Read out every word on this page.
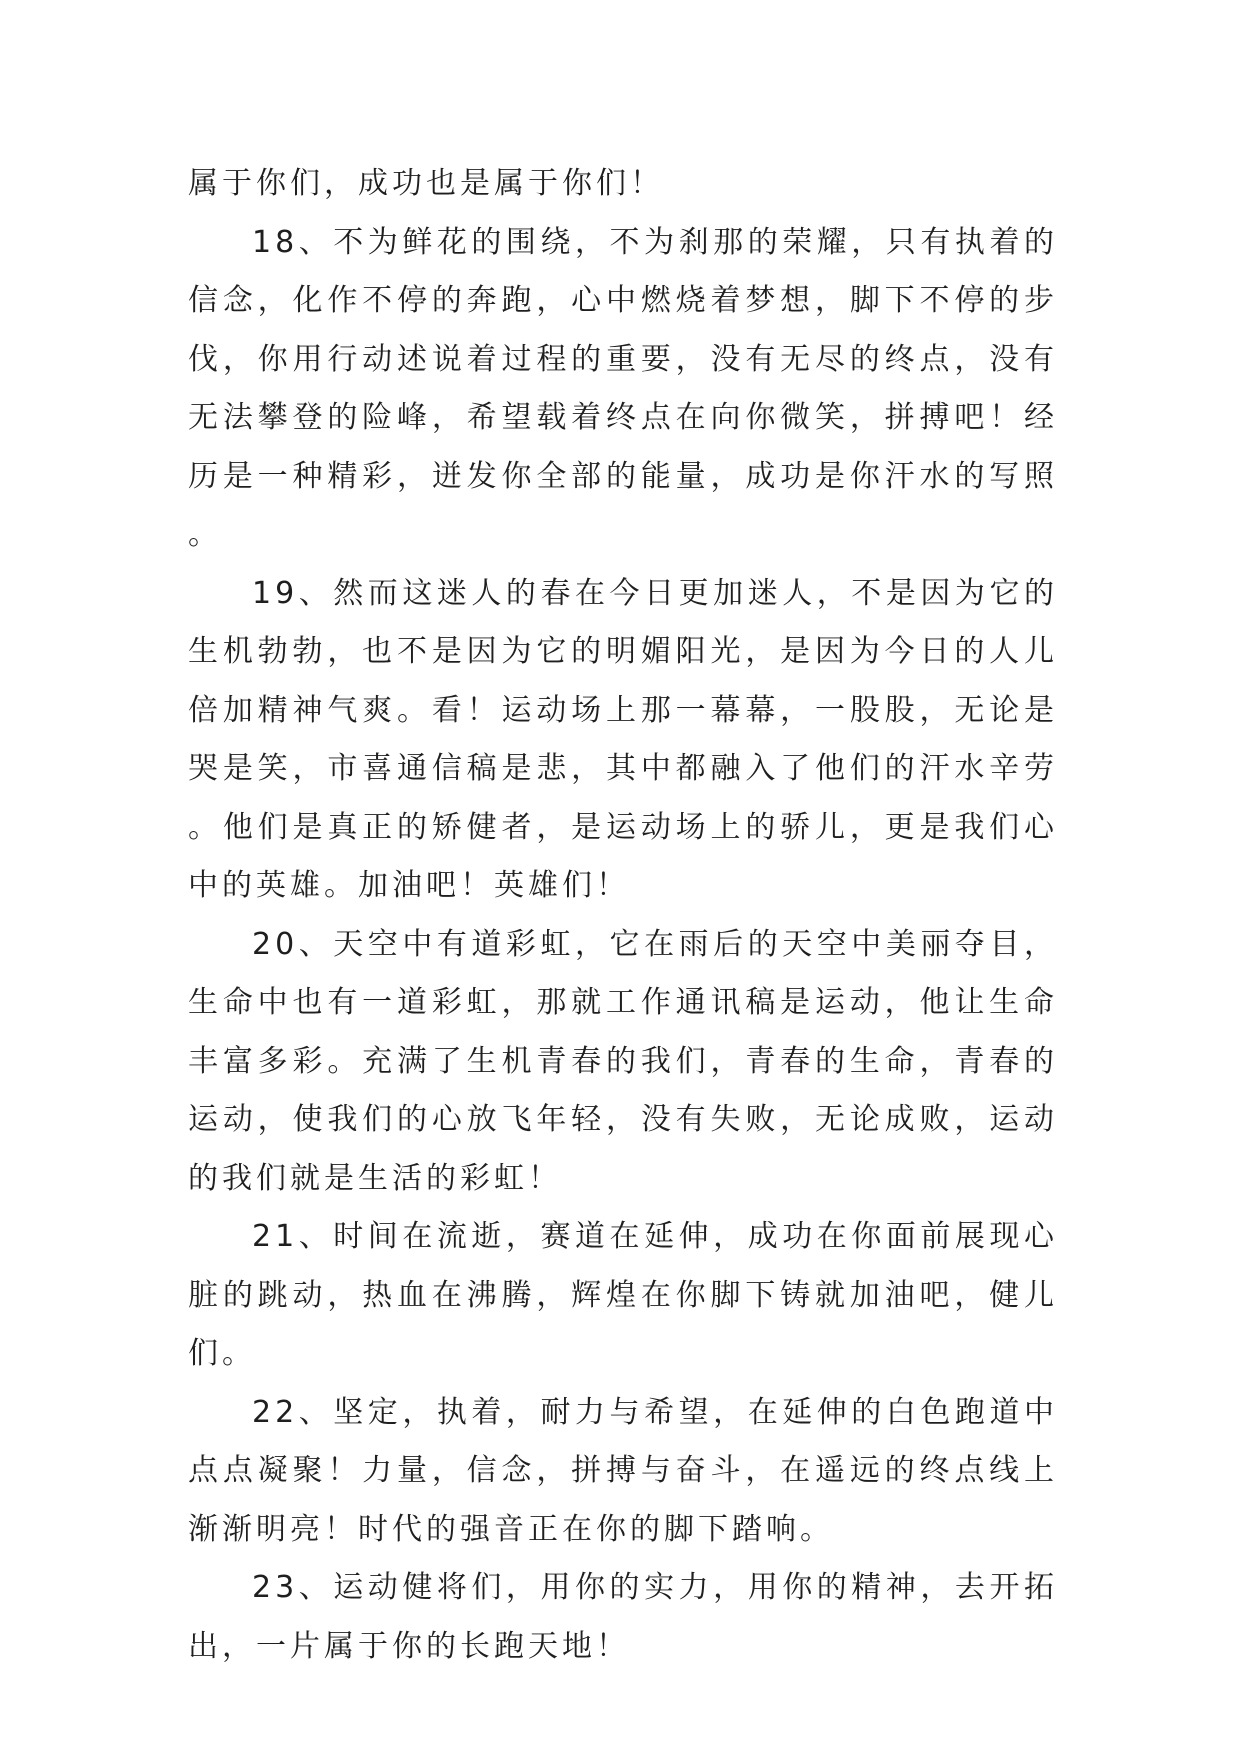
属于你们，成功也是属于你们！

18、不为鲜花的围绕，不为刹那的荣耀，只有执着的信念，化作不停的奔跑，心中燃烧着梦想，脚下不停的步伐，你用行动述说着过程的重要，没有无尽的终点，没有无法攀登的险峰，希望载着终点在向你微笑，拼搏吧！经历是一种精彩，迸发你全部的能量，成功是你汗水的写照。

19、然而这迷人的春在今日更加迷人，不是因为它的生机勃勃，也不是因为它的明媚阳光，是因为今日的人儿倍加精神气爽。看！运动场上那一幕幕，一股股，无论是哭是笑，市喜通信稿是悲，其中都融入了他们的汗水辛劳。他们是真正的矫健者，是运动场上的骄儿，更是我们心中的英雄。加油吧！英雄们！

20、天空中有道彩虹，它在雨后的天空中美丽夺目，生命中也有一道彩虹，那就工作通讯稿是运动，他让生命丰富多彩。充满了生机青春的我们，青春的生命，青春的运动，使我们的心放飞年轻，没有失败，无论成败，运动的我们就是生活的彩虹！

21、时间在流逝，赛道在延伸，成功在你面前展现心脏的跳动，热血在沸腾，辉煌在你脚下铸就加油吧，健儿们。

22、坚定，执着，耐力与希望，在延伸的白色跑道中点点凝聚！力量，信念，拼搏与奋斗，在遥远的终点线上渐渐明亮！时代的强音正在你的脚下踏响。

23、运动健将们，用你的实力，用你的精神，去开拓出，一片属于你的长跑天地！
